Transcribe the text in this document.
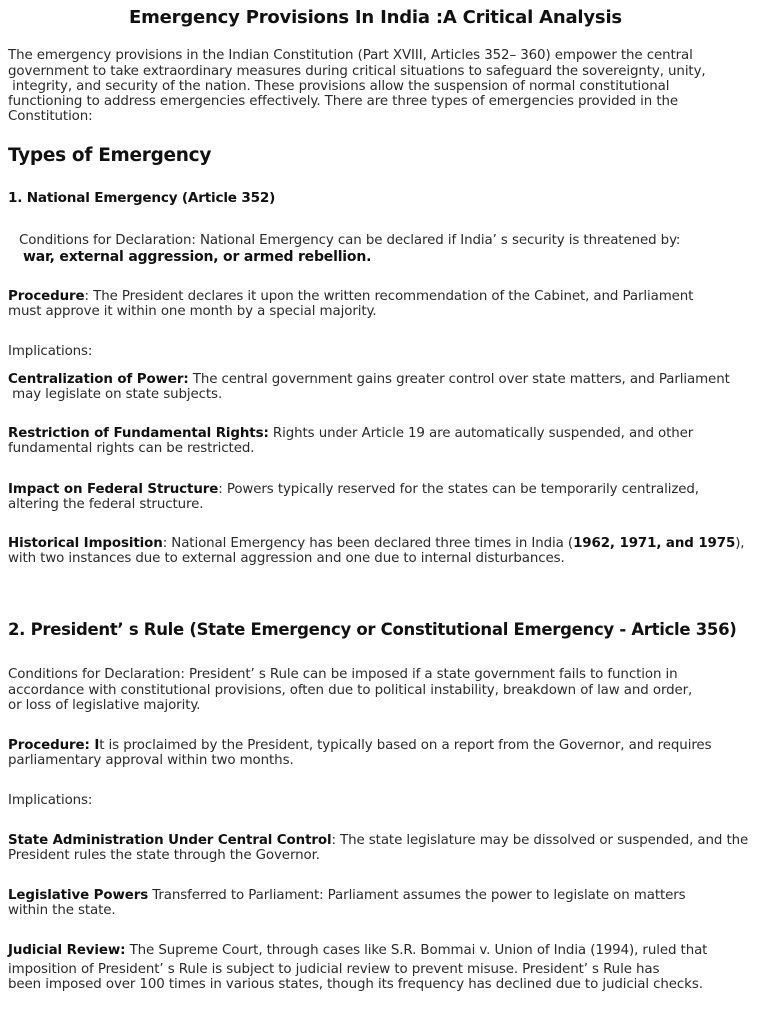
Emergency Provisions In India :A Critical Analysis
The emergency provisions in the Indian Constitution (Part XVIII, Articles 352– 360) empower the central
government to take extraordinary measures during critical situations to safeguard the sovereignty, unity,
integrity, and security of the nation. These provisions allow the suspension of normal constitutional
functioning to address emergencies effectively. There are three types of emergencies provided in the
Constitution:
Types of Emergency
1. National Emergency (Article 352)
Conditions for Declaration: National Emergency can be declared if India’ s security is threatened by:
war, external aggression, or armed rebellion.
Procedure: The President declares it upon the written recommendation of the Cabinet, and Parliament
must approve it within one month by a special majority.
Implications:
Centralization of Power: The central government gains greater control over state matters, and Parliament
may legislate on state subjects.
Restriction of Fundamental Rights: Rights under Article 19 are automatically suspended, and other
fundamental rights can be restricted.
Impact on Federal Structure: Powers typically reserved for the states can be temporarily centralized,
altering the federal structure.
Historical Imposition: National Emergency has been declared three times in India (1962, 1971, and 1975),
with two instances due to external aggression and one due to internal disturbances.
2. President’ s Rule (State Emergency or Constitutional Emergency - Article 356)
Conditions for Declaration: President’ s Rule can be imposed if a state government fails to function in
accordance with constitutional provisions, often due to political instability, breakdown of law and order,
or loss of legislative majority.
Procedure: It is proclaimed by the President, typically based on a report from the Governor, and requires
parliamentary approval within two months.
Implications:
State Administration Under Central Control: The state legislature may be dissolved or suspended, and the
President rules the state through the Governor.
Legislative Powers Transferred to Parliament: Parliament assumes the power to legislate on matters
within the state.
Judicial Review: The Supreme Court, through cases like S.R. Bommai v. Union of India (1994), ruled that
imposition of President’ s Rule is subject to judicial review to prevent misuse. President’ s Rule has
been imposed over 100 times in various states, though its frequency has declined due to judicial checks.
